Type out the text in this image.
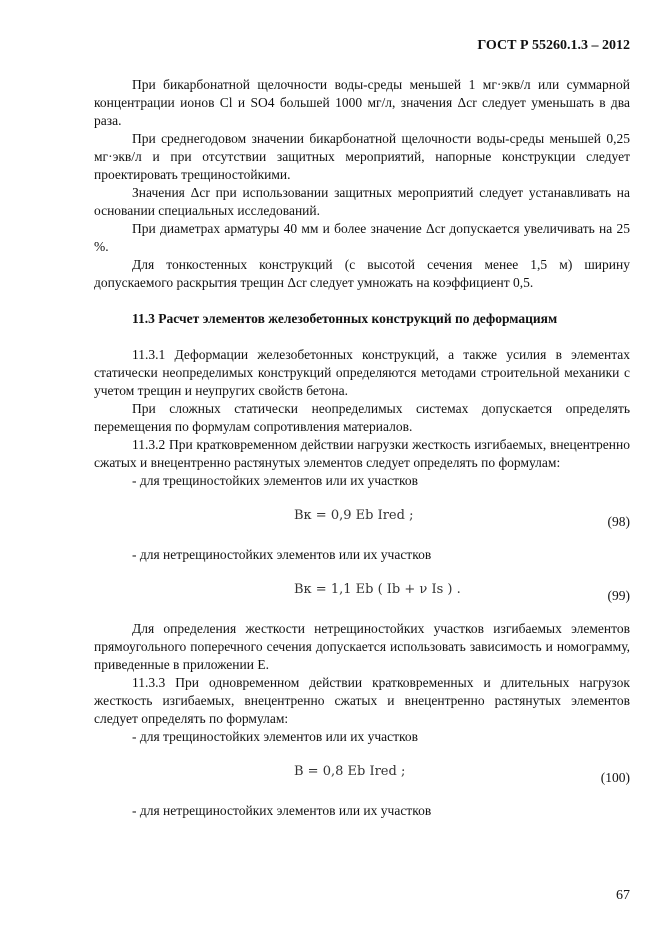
ГОСТ Р 55260.1.3 – 2012

При бикарбонатной щелочности воды-среды меньшей 1 мг·экв/л или суммарной концентрации ионов Cl и SO4 большей 1000 мг/л, значения Δcr следует уменьшать в два раза.

При среднегодовом значении бикарбонатной щелочности воды-среды меньшей 0,25 мг·экв/л и при отсутствии защитных мероприятий, напорные конструкции следует проектировать трещиностойкими.

Значения Δcr при использовании защитных мероприятий следует устанавливать на основании специальных исследований.

При диаметрах арматуры 40 мм и более значение Δcr допускается увеличивать на 25 %.

Для тонкостенных конструкций (с высотой сечения менее 1,5 м) ширину допускаемого раскрытия трещин Δcr следует умножать на коэффициент 0,5.

11.3 Расчет элементов железобетонных конструкций по деформациям

11.3.1 Деформации железобетонных конструкций, а также усилия в элементах статически неопределимых конструкций определяются методами строительной механики с учетом трещин и неупругих свойств бетона.

При сложных статически неопределимых системах допускается определять перемещения по формулам сопротивления материалов.

11.3.2 При кратковременном действии нагрузки жесткость изгибаемых, внецентренно сжатых и внецентренно растянутых элементов следует определять по формулам:

- для трещиностойких элементов или их участков

Bк = 0,9 Eb Ired ;	(98)

- для нетрещиностойких элементов или их участков

Bк = 1,1 Eb ( Ib + ν Is ) .	(99)

Для определения жесткости нетрещиностойких участков изгибаемых элементов прямоугольного поперечного сечения допускается использовать зависимость и номограмму, приведенные в приложении Е.

11.3.3 При одновременном действии кратковременных и длительных нагрузок жесткость изгибаемых, внецентренно сжатых и внецентренно растянутых элементов следует определять по формулам:

- для трещиностойких элементов или их участков

B = 0,8 Eb Ired ;	(100)

- для нетрещиностойких элементов или их участков

67
